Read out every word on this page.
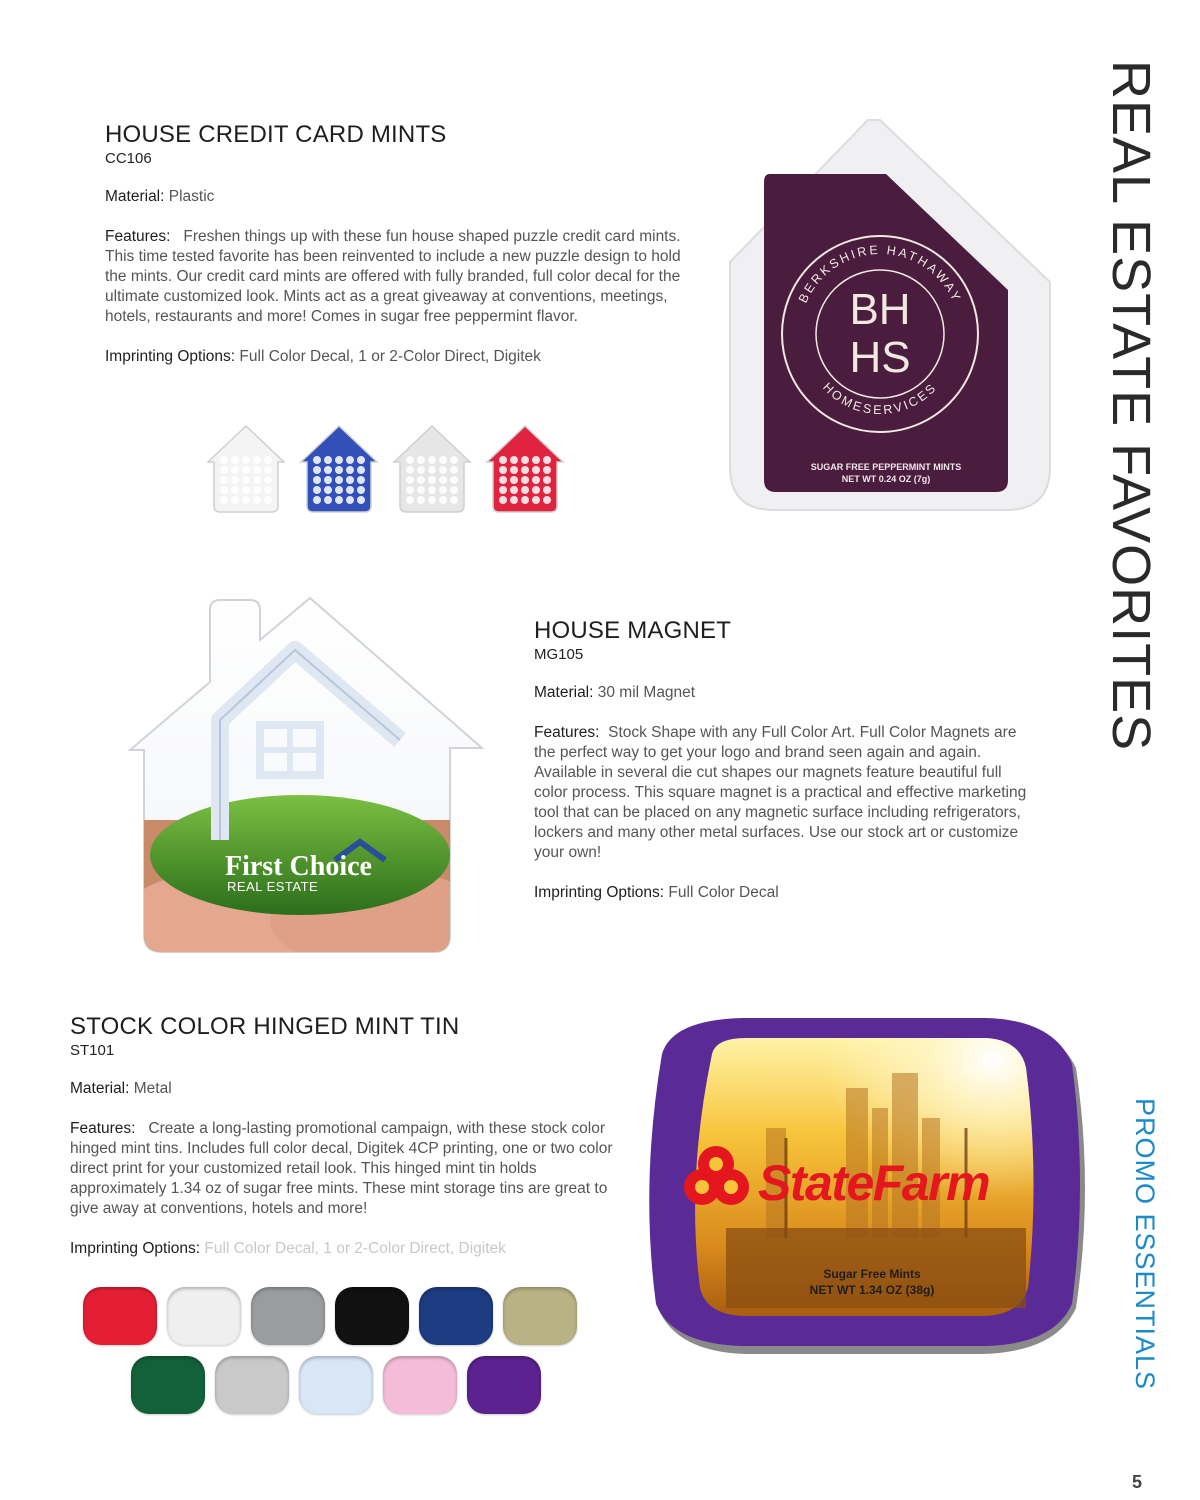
REAL ESTATE FAVORITES
PROMO ESSENTIALS
5
HOUSE CREDIT CARD MINTS
CC106

Material: Plastic

Features: Freshen things up with these fun house shaped puzzle credit card mints. This time tested favorite has been reinvented to include a new puzzle design to hold the mints. Our credit card mints are offered with fully branded, full color decal for the ultimate customized look. Mints act as a great giveaway at conventions, meetings, hotels, restaurants and more! Comes in sugar free peppermint flavor.

Imprinting Options: Full Color Decal, 1 or 2-Color Direct, Digitek

BERKSHIRE HATHAWAY
HOMESERVICES
BH
HS
SUGAR FREE PEPPERMINT MINTS
NET WT 0.24 OZ (7g)
First Choice
REAL ESTATE
HOUSE MAGNET
MG105

Material: 30 mil Magnet

Features: Stock Shape with any Full Color Art. Full Color Magnets are the perfect way to get your logo and brand seen again and again. Available in several die cut shapes our magnets feature beautiful full color process. This square magnet is a practical and effective marketing tool that can be placed on any magnetic surface including refrigerators, lockers and many other metal surfaces. Use our stock art or customize your own!

Imprinting Options: Full Color Decal

STOCK COLOR HINGED MINT TIN
ST101

Material: Metal

Features: Create a long-lasting promotional campaign, with these stock color hinged mint tins. Includes full color decal, Digitek 4CP printing, one or two color direct print for your customized retail look. This hinged mint tin holds approximately 1.34 oz of sugar free mints. These mint storage tins are great to give away at conventions, hotels and more!

Imprinting Options: Full Color Decal, 1 or 2-Color Direct, Digitek

StateFarm
Sugar Free Mints
NET WT 1.34 OZ (38g)
